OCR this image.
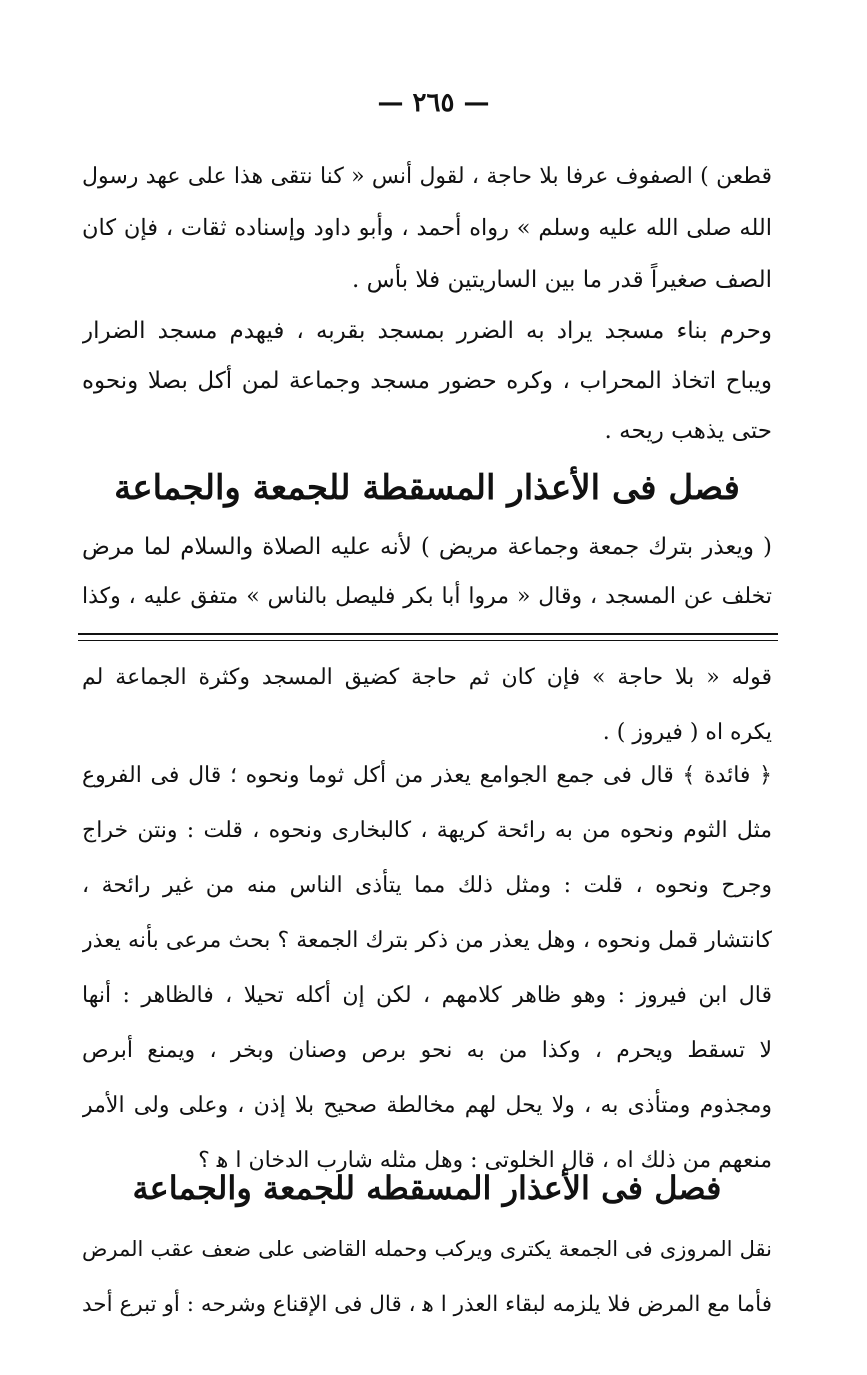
— ٢٦٥ —
قطعن ) الصفوف عرفا بلا حاجة ، لقول أنس « كنا نتقى هذا على عهد رسول
الله صلى الله عليه وسلم » رواه أحمد ، وأبو داود وإسناده ثقات ، فإن كان
الصف صغيراً قدر ما بين الساريتين فلا بأس .
وحرم بناء مسجد يراد به الضرر بمسجد بقربه ، فيهدم مسجد الضرار
ويباح اتخاذ المحراب ، وكره حضور مسجد وجماعة لمن أكل بصلا ونحوه
حتى يذهب ريحه .
فصل فى الأعذار المسقطة للجمعة والجماعة
( ويعذر بترك جمعة وجماعة مريض ) لأنه عليه الصلاة والسلام لما مرض
تخلف عن المسجد ، وقال « مروا أبا بكر فليصل بالناس » متفق عليه ، وكذا
قوله « بلا حاجة » فإن كان ثم حاجة كضيق المسجد وكثرة الجماعة لم
يكره اه ( فيروز ) .
﴿ فائدة ﴾ قال فى جمع الجوامع يعذر من أكل ثوما ونحوه ؛ قال فى الفروع
مثل الثوم ونحوه من به رائحة كريهة ، كالبخارى ونحوه ، قلت : ونتن خراج
وجرح ونحوه ، قلت : ومثل ذلك مما يتأذى الناس منه من غير رائحة ،
كانتشار قمل ونحوه ، وهل يعذر من ذكر بترك الجمعة ؟ بحث مرعى بأنه يعذر
قال ابن فيروز : وهو ظاهر كلامهم ، لكن إن أكله تحيلا ، فالظاهر : أنها
لا تسقط ويحرم ، وكذا من به نحو برص وصنان وبخر ، ويمنع أبرص
ومجذوم ومتأذى به ، ولا يحل لهم مخالطة صحيح بلا إذن ، وعلى ولى الأمر
منعهم من ذلك اه ، قال الخلوتى : وهل مثله شارب الدخان ا ﻫ ؟
فصل فى الأعذار المسقطه للجمعة والجماعة
نقل المروزى فى الجمعة يكترى ويركب وحمله القاضى على ضعف عقب المرض
فأما مع المرض فلا يلزمه لبقاء العذر ا ﻫ ، قال فى الإقناع وشرحه : أو تبرع أحد
